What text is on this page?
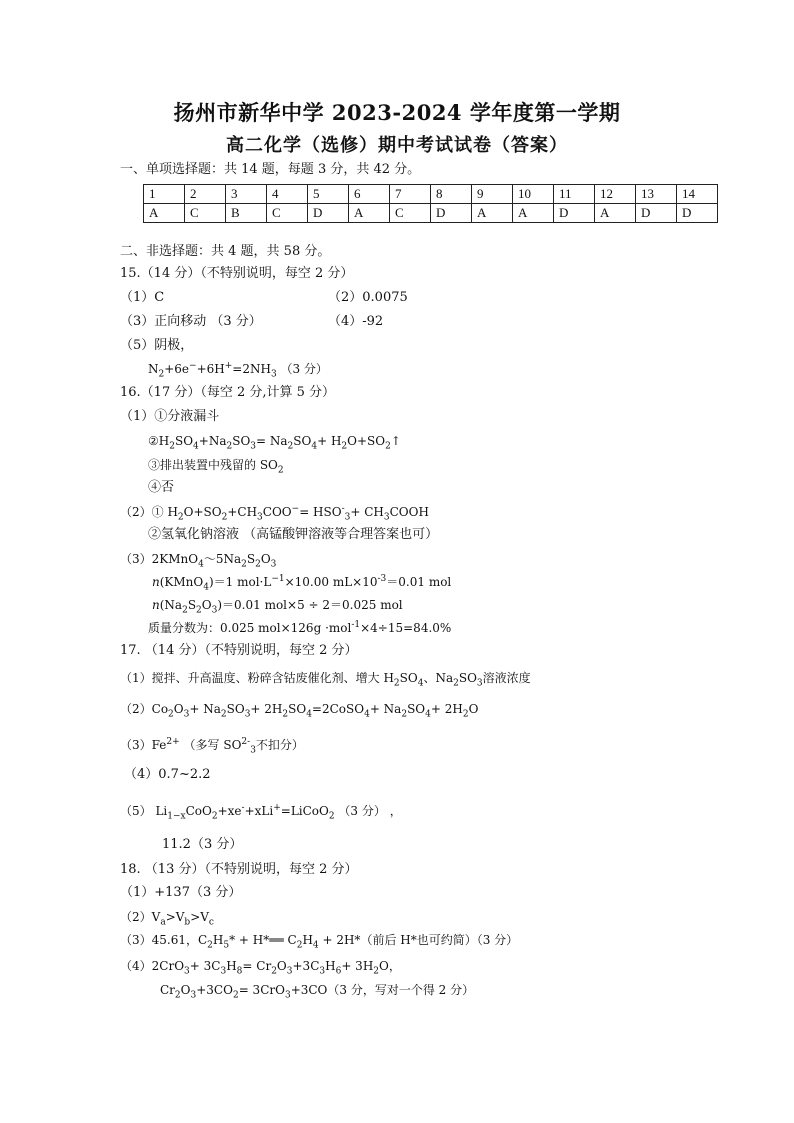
扬州市新华中学 2023-2024 学年度第一学期
高二化学（选修）期中考试试卷（答案）
一、单项选择题：共 14 题，每题 3 分，共 42 分。
1	2	3	4	5	6	7	8	9	10	11	12	13	14
A	C	B	C	D	A	C	D	A	A	D	A	D	D
二、非选择题：共 4 题，共 58 分。
15.（14 分）（不特别说明，每空 2 分）
（1）C	（2）0.0075
（3）正向移动 （3 分）	（4）-92
（5）阴极，
$N_2+6e^-+6H^+=2NH_3$ （3 分）
16.（17 分）（每空 2 分,计算 5 分）
（1）①分液漏斗
$②H_2SO_4+Na_2SO_3= Na_2SO_4+$ $H_2O+SO_2↑$
③排出装置中残留的 $SO_2$
④否
（2）① $H_2O+SO_2+CH_3COO^-= HSO^-_3+$ $CH_3COOH$
②氢氧化钠溶液 （高锰酸钾溶液等合理答案也可）
$(3)2KMnO_4\sim 5Na_2S_2O_3$
n(KMnO$_4$)＝1 $mol\cdot L^{-1}\times 10.00$ $mL\times 10^{-3}=0.01$ mol
$n(Na_2S_2O_3)=0.01$ mol×5 ÷ 2＝0.025 mol
质量分数为：0.025 mol×126g ·mol$^{-1}$×4÷15=84.0%
17. （14 分）（不特别说明，每空 2 分）
（1）搅拌、升高温度、粉碎含钴废催化剂、增大 $H_2SO_4$、$Na_2SO_3$溶液浓度
$(2)Co_2O_3+ Na_2SO_3+$ $2H_2SO_4=2CoSO_4+ Na_2SO_4+ 2H_2O$
$(3)Fe^{2+}$ （多写 $SO^{2-}_3$不扣分）
（4）0.7~2.2
（5） $Li_{1-x}CoO_2+xe^-+xLi^+=LiCoO_2$ （3 分） ，
11.2（3 分）
18. （13 分）（不特别说明，每空 2 分）
（1）+137（3 分）
$(2)V_a>V_b>V_c$
（3）45.61，$C_2H_5*$ + H*══ $C_2H_4 + 2H*$（前后 H*也可约简）（3 分）
$(4)2CrO_3+ 3C_3H_8= Cr_2O_3+3C_3H_6+ 3H_2O$，
$Cr_2O_3+3CO_2= 3CrO_3+3CO(3$ 分，写对一个得 2 分）
